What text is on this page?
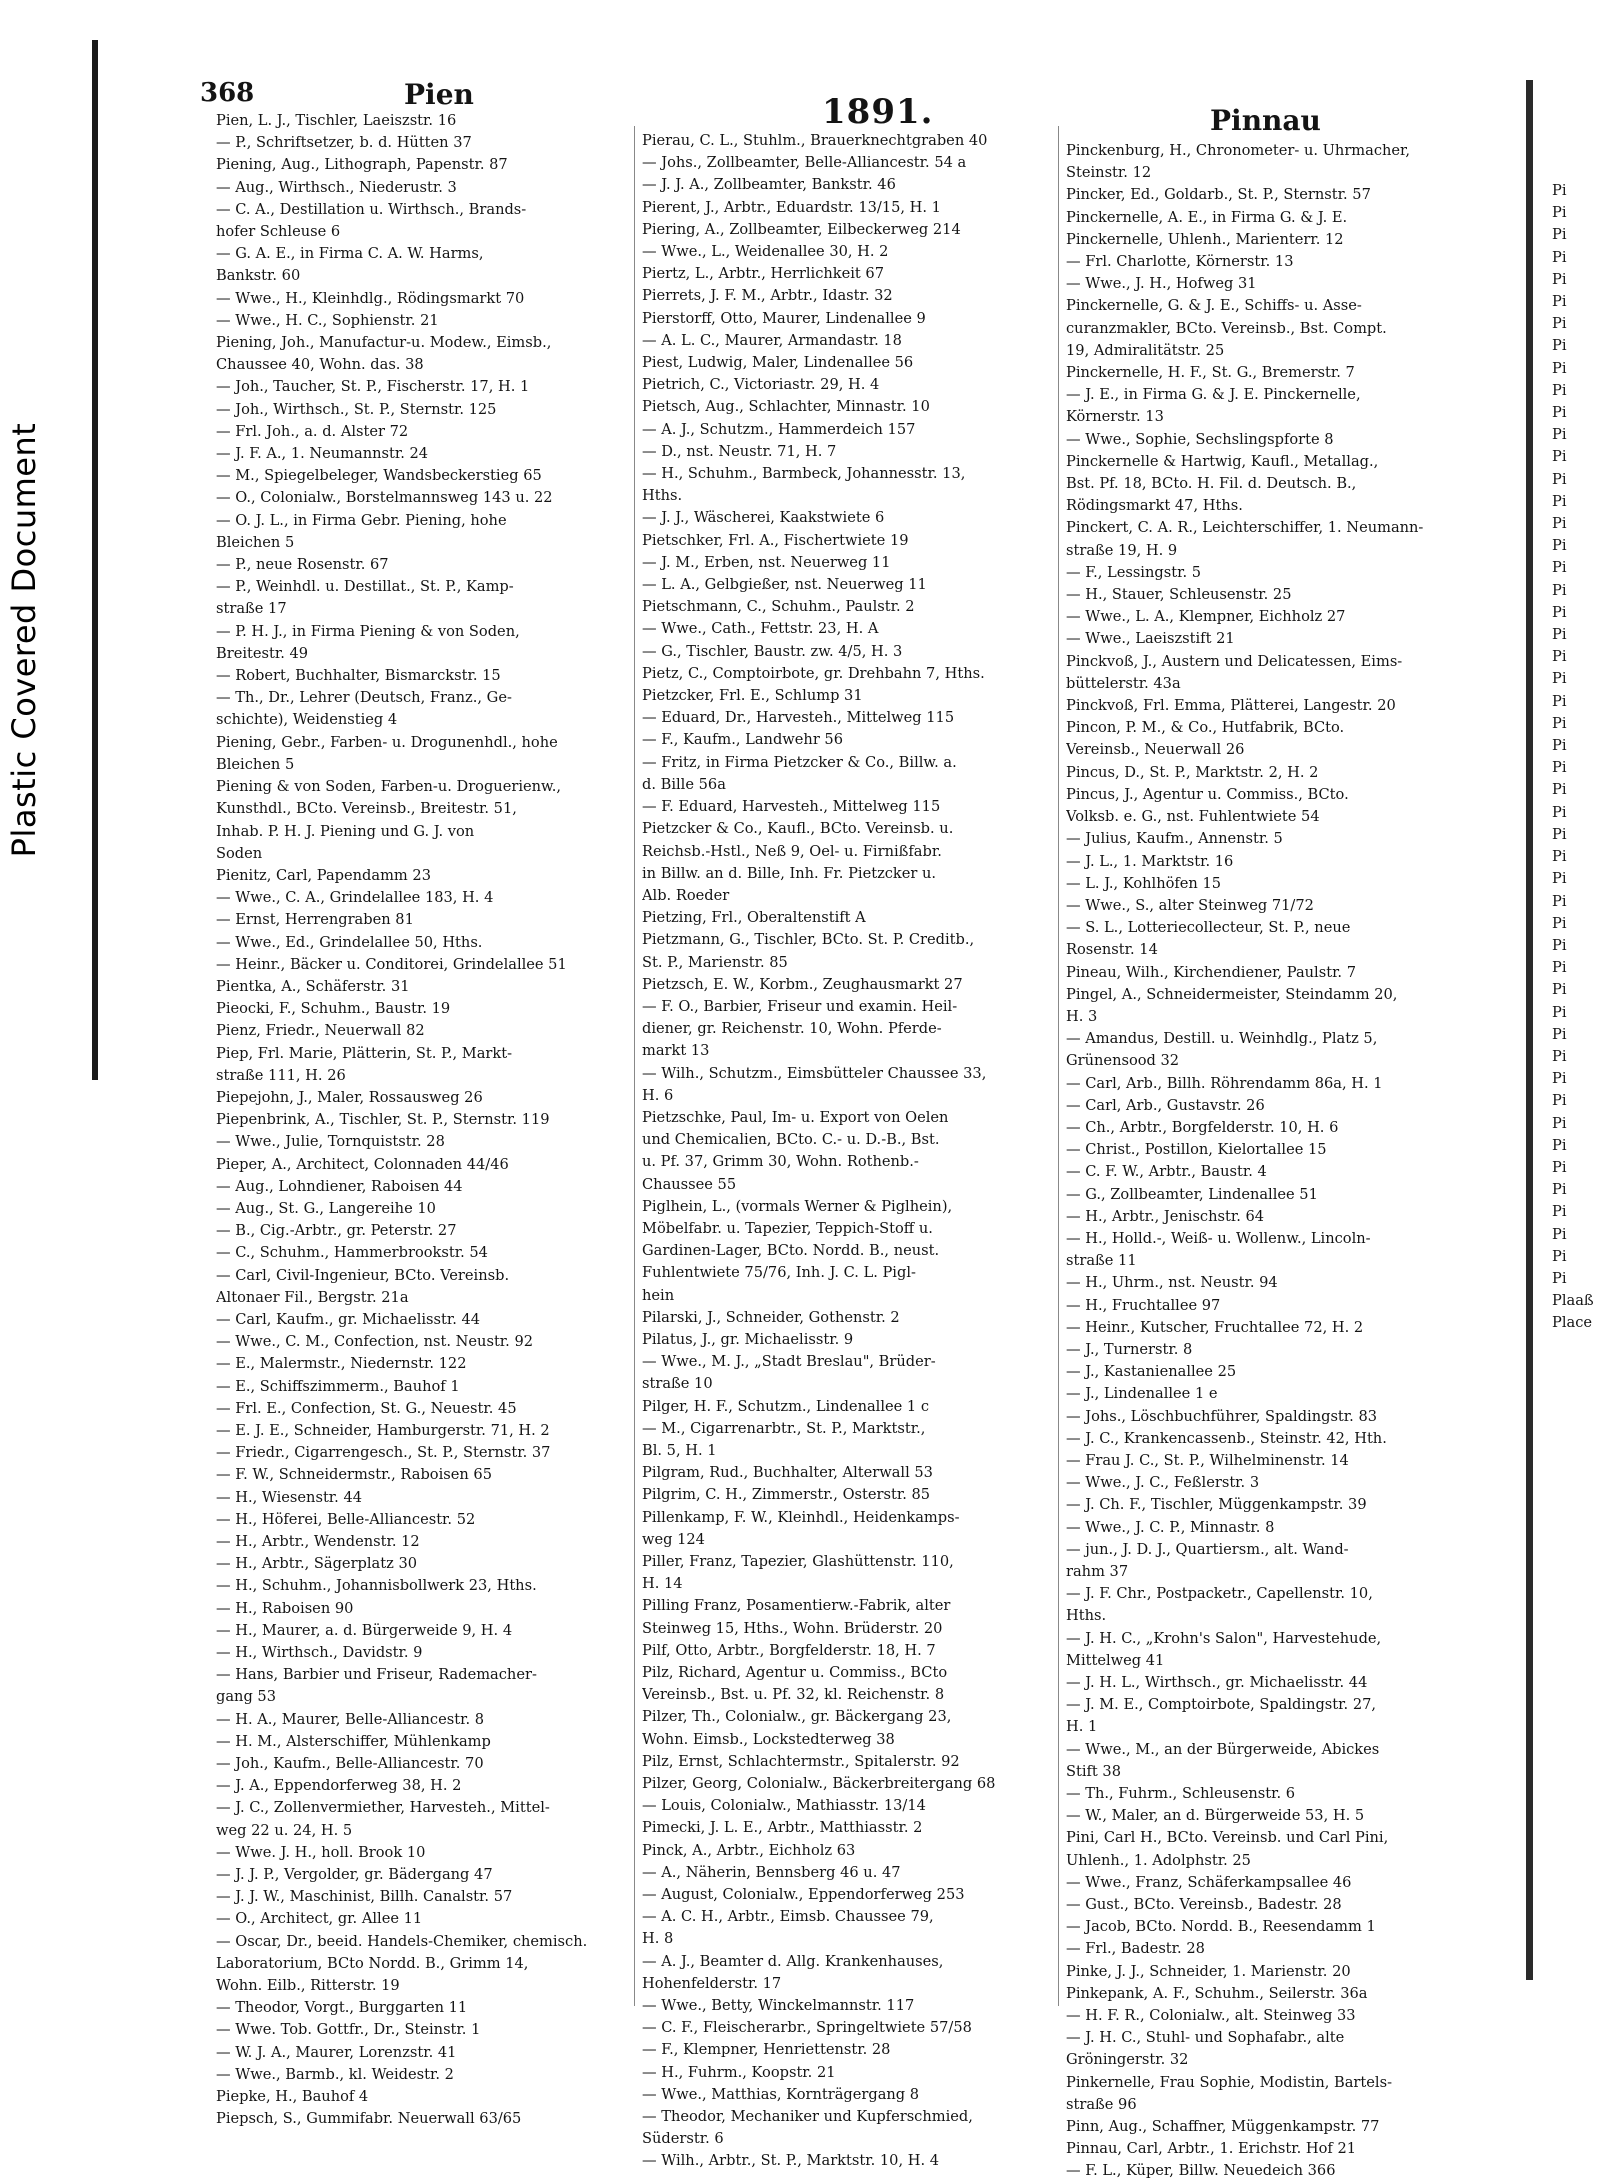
Plastic Covered Document
368	Pien	1891.	Pinnau
Pien, L. J., Tischler, Laeiszstr. 16
— P., Schriftsetzer, b. d. Hütten 37
Piening, Aug., Lithograph, Papenstr. 87
— Aug., Wirthsch., Niederustr. 3
— C. A., Destillation u. Wirthsch., Brands-
hofer Schleuse 6
— G. A. E., in Firma C. A. W. Harms,
Bankstr. 60
— Wwe., H., Kleinhdlg., Rödingsmarkt 70
— Wwe., H. C., Sophienstr. 21
Piening, Joh., Manufactur-u. Modew., Eimsb.,
Chaussee 40, Wohn. das. 38
— Joh., Taucher, St. P., Fischerstr. 17, H. 1
— Joh., Wirthsch., St. P., Sternstr. 125
— Frl. Joh., a. d. Alster 72
— J. F. A., 1. Neumannstr. 24
— M., Spiegelbeleger, Wandsbeckerstieg 65
— O., Colonialw., Borstelmannsweg 143 u. 22
— O. J. L., in Firma Gebr. Piening, hohe
Bleichen 5
— P., neue Rosenstr. 67
— P., Weinhdl. u. Destillat., St. P., Kamp-
straße 17
— P. H. J., in Firma Piening & von Soden,
Breitestr. 49
— Robert, Buchhalter, Bismarckstr. 15
— Th., Dr., Lehrer (Deutsch, Franz., Ge-
schichte), Weidenstieg 4
Piening, Gebr., Farben- u. Drogunenhdl., hohe
Bleichen 5
Piening & von Soden, Farben-u. Droguerienw.,
Kunsthdl., BCto. Vereinsb., Breitestr. 51,
Inhab. P. H. J. Piening und G. J. von
Soden
Pienitz, Carl, Papendamm 23
— Wwe., C. A., Grindelallee 183, H. 4
— Ernst, Herrengraben 81
— Wwe., Ed., Grindelallee 50, Hths.
— Heinr., Bäcker u. Conditorei, Grindelallee 51
Pientka, A., Schäferstr. 31
Pieocki, F., Schuhm., Baustr. 19
Pienz, Friedr., Neuerwall 82
Piep, Frl. Marie, Plätterin, St. P., Markt-
straße 111, H. 26
Piepejohn, J., Maler, Rossausweg 26
Piepenbrink, A., Tischler, St. P., Sternstr. 119
— Wwe., Julie, Tornquiststr. 28
Pieper, A., Architect, Colonnaden 44/46
— Aug., Lohndiener, Raboisen 44
— Aug., St. G., Langereihe 10
— B., Cig.-Arbtr., gr. Peterstr. 27
— C., Schuhm., Hammerbrookstr. 54
— Carl, Civil-Ingenieur, BCto. Vereinsb.
Altonaer Fil., Bergstr. 21a
— Carl, Kaufm., gr. Michaelisstr. 44
— Wwe., C. M., Confection, nst. Neustr. 92
— E., Malermstr., Niedernstr. 122
— E., Schiffszimmerm., Bauhof 1
— Frl. E., Confection, St. G., Neuestr. 45
— E. J. E., Schneider, Hamburgerstr. 71, H. 2
— Friedr., Cigarrengesch., St. P., Sternstr. 37
— F. W., Schneidermstr., Raboisen 65
— H., Wiesenstr. 44
— H., Höferei, Belle-Alliancestr. 52
— H., Arbtr., Wendenstr. 12
— H., Arbtr., Sägerplatz 30
— H., Schuhm., Johannisbollwerk 23, Hths.
— H., Raboisen 90
— H., Maurer, a. d. Bürgerweide 9, H. 4
— H., Wirthsch., Davidstr. 9
— Hans, Barbier und Friseur, Rademacher-
gang 53
— H. A., Maurer, Belle-Alliancestr. 8
— H. M., Alsterschiffer, Mühlenkamp
— Joh., Kaufm., Belle-Alliancestr. 70
— J. A., Eppendorferweg 38, H. 2
— J. C., Zollenvermiether, Harvesteh., Mittel-
weg 22 u. 24, H. 5
— Wwe. J. H., holl. Brook 10
— J. J. P., Vergolder, gr. Bädergang 47
— J. J. W., Maschinist, Billh. Canalstr. 57
— O., Architect, gr. Allee 11
— Oscar, Dr., beeid. Handels-Chemiker, chemisch.
Laboratorium, BCto Nordd. B., Grimm 14,
Wohn. Eilb., Ritterstr. 19
— Theodor, Vorgt., Burggarten 11
— Wwe. Tob. Gottfr., Dr., Steinstr. 1
— W. J. A., Maurer, Lorenzstr. 41
— Wwe., Barmb., kl. Weidestr. 2
Piepke, H., Bauhof 4
Piepsch, S., Gummifabr. Neuerwall 63/65
Pierau, C. L., Stuhlm., Brauerknechtgraben 40
— Johs., Zollbeamter, Belle-Alliancestr. 54 a
— J. J. A., Zollbeamter, Bankstr. 46
Pierent, J., Arbtr., Eduardstr. 13/15, H. 1
Piering, A., Zollbeamter, Eilbeckerweg 214
— Wwe., L., Weidenallee 30, H. 2
Piertz, L., Arbtr., Herrlichkeit 67
Pierrets, J. F. M., Arbtr., Idastr. 32
Pierstorff, Otto, Maurer, Lindenallee 9
— A. L. C., Maurer, Armandastr. 18
Piest, Ludwig, Maler, Lindenallee 56
Pietrich, C., Victoriastr. 29, H. 4
Pietsch, Aug., Schlachter, Minnastr. 10
— A. J., Schutzm., Hammerdeich 157
— D., nst. Neustr. 71, H. 7
— H., Schuhm., Barmbeck, Johannesstr. 13,
Hths.
— J. J., Wäscherei, Kaakstwiete 6
Pietschker, Frl. A., Fischertwiete 19
— J. M., Erben, nst. Neuerweg 11
— L. A., Gelbgießer, nst. Neuerweg 11
Pietschmann, C., Schuhm., Paulstr. 2
— Wwe., Cath., Fettstr. 23, H. A
— G., Tischler, Baustr. zw. 4/5, H. 3
Pietz, C., Comptoirbote, gr. Drehbahn 7, Hths.
Pietzcker, Frl. E., Schlump 31
— Eduard, Dr., Harvesteh., Mittelweg 115
— F., Kaufm., Landwehr 56
— Fritz, in Firma Pietzcker & Co., Billw. a.
d. Bille 56a
— F. Eduard, Harvesteh., Mittelweg 115
Pietzcker & Co., Kaufl., BCto. Vereinsb. u.
Reichsb.-Hstl., Neß 9, Oel- u. Firnißfabr.
in Billw. an d. Bille, Inh. Fr. Pietzcker u.
Alb. Roeder
Pietzing, Frl., Oberaltenstift A
Pietzmann, G., Tischler, BCto. St. P. Creditb.,
St. P., Marienstr. 85
Pietzsch, E. W., Korbm., Zeughausmarkt 27
— F. O., Barbier, Friseur und examin. Heil-
diener, gr. Reichenstr. 10, Wohn. Pferde-
markt 13
— Wilh., Schutzm., Eimsbütteler Chaussee 33,
H. 6
Pietzschke, Paul, Im- u. Export von Oelen
und Chemicalien, BCto. C.- u. D.-B., Bst.
u. Pf. 37, Grimm 30, Wohn. Rothenb.-
Chaussee 55
Piglhein, L., (vormals Werner & Piglhein),
Möbelfabr. u. Tapezier, Teppich-Stoff u.
Gardinen-Lager, BCto. Nordd. B., neust.
Fuhlentwiete 75/76, Inh. J. C. L. Pigl-
hein
Pilarski, J., Schneider, Gothenstr. 2
Pilatus, J., gr. Michaelisstr. 9
— Wwe., M. J., „Stadt Breslau", Brüder-
straße 10
Pilger, H. F., Schutzm., Lindenallee 1 c
— M., Cigarrenarbtr., St. P., Marktstr.,
Bl. 5, H. 1
Pilgram, Rud., Buchhalter, Alterwall 53
Pilgrim, C. H., Zimmerstr., Osterstr. 85
Pillenkamp, F. W., Kleinhdl., Heidenkamps-
weg 124
Piller, Franz, Tapezier, Glashüttenstr. 110,
H. 14
Pilling Franz, Posamentierw.-Fabrik, alter
Steinweg 15, Hths., Wohn. Brüderstr. 20
Pilf, Otto, Arbtr., Borgfelderstr. 18, H. 7
Pilz, Richard, Agentur u. Commiss., BCto
Vereinsb., Bst. u. Pf. 32, kl. Reichenstr. 8
Pilzer, Th., Colonialw., gr. Bäckergang 23,
Wohn. Eimsb., Lockstedterweg 38
Pilz, Ernst, Schlachtermstr., Spitalerstr. 92
Pilzer, Georg, Colonialw., Bäckerbreitergang 68
— Louis, Colonialw., Mathiasstr. 13/14
Pimecki, J. L. E., Arbtr., Matthiasstr. 2
Pinck, A., Arbtr., Eichholz 63
— A., Näherin, Bennsberg 46 u. 47
— August, Colonialw., Eppendorferweg 253
— A. C. H., Arbtr., Eimsb. Chaussee 79,
H. 8
— A. J., Beamter d. Allg. Krankenhauses,
Hohenfelderstr. 17
— Wwe., Betty, Winckelmannstr. 117
— C. F., Fleischerarbr., Springeltwiete 57/58
— F., Klempner, Henriettenstr. 28
— H., Fuhrm., Koopstr. 21
— Wwe., Matthias, Kornträgergang 8
— Theodor, Mechaniker und Kupferschmied,
Süderstr. 6
— Wilh., Arbtr., St. P., Marktstr. 10, H. 4
Pinckenburg, H., Chronometer- u. Uhrmacher,
Steinstr. 12
Pincker, Ed., Goldarb., St. P., Sternstr. 57
Pinckernelle, A. E., in Firma G. & J. E.
Pinckernelle, Uhlenh., Marienterr. 12
— Frl. Charlotte, Körnerstr. 13
— Wwe., J. H., Hofweg 31
Pinckernelle, G. & J. E., Schiffs- u. Asse-
curanzmakler, BCto. Vereinsb., Bst. Compt.
19, Admiralitätstr. 25
Pinckernelle, H. F., St. G., Bremerstr. 7
— J. E., in Firma G. & J. E. Pinckernelle,
Körnerstr. 13
— Wwe., Sophie, Sechslingspforte 8
Pinckernelle & Hartwig, Kaufl., Metallag.,
Bst. Pf. 18, BCto. H. Fil. d. Deutsch. B.,
Rödingsmarkt 47, Hths.
Pinckert, C. A. R., Leichterschiffer, 1. Neumann-
straße 19, H. 9
— F., Lessingstr. 5
— H., Stauer, Schleusenstr. 25
— Wwe., L. A., Klempner, Eichholz 27
— Wwe., Laeiszstift 21
Pinckvoß, J., Austern und Delicatessen, Eims-
büttelerstr. 43a
Pinckvoß, Frl. Emma, Plätterei, Langestr. 20
Pincon, P. M., & Co., Hutfabrik, BCto.
Vereinsb., Neuerwall 26
Pincus, D., St. P., Marktstr. 2, H. 2
Pincus, J., Agentur u. Commiss., BCto.
Volksb. e. G., nst. Fuhlentwiete 54
— Julius, Kaufm., Annenstr. 5
— J. L., 1. Marktstr. 16
— L. J., Kohlhöfen 15
— Wwe., S., alter Steinweg 71/72
— S. L., Lotteriecollecteur, St. P., neue
Rosenstr. 14
Pineau, Wilh., Kirchendiener, Paulstr. 7
Pingel, A., Schneidermeister, Steindamm 20,
H. 3
— Amandus, Destill. u. Weinhdlg., Platz 5,
Grünensood 32
— Carl, Arb., Billh. Röhrendamm 86a, H. 1
— Carl, Arb., Gustavstr. 26
— Ch., Arbtr., Borgfelderstr. 10, H. 6
— Christ., Postillon, Kielortallee 15
— C. F. W., Arbtr., Baustr. 4
— G., Zollbeamter, Lindenallee 51
— H., Arbtr., Jenischstr. 64
— H., Holld.-, Weiß- u. Wollenw., Lincoln-
straße 11
— H., Uhrm., nst. Neustr. 94
— H., Fruchtallee 97
— Heinr., Kutscher, Fruchtallee 72, H. 2
— J., Turnerstr. 8
— J., Kastanienallee 25
— J., Lindenallee 1 e
— Johs., Löschbuchführer, Spaldingstr. 83
— J. C., Krankencassenb., Steinstr. 42, Hth.
— Frau J. C., St. P., Wilhelminenstr. 14
— Wwe., J. C., Feßlerstr. 3
— J. Ch. F., Tischler, Müggenkampstr. 39
— Wwe., J. C. P., Minnastr. 8
— jun., J. D. J., Quartiersm., alt. Wand-
rahm 37
— J. F. Chr., Postpacketr., Capellenstr. 10,
Hths.
— J. H. C., „Krohn's Salon", Harvestehude,
Mittelweg 41
— J. H. L., Wirthsch., gr. Michaelisstr. 44
— J. M. E., Comptoirbote, Spaldingstr. 27,
H. 1
— Wwe., M., an der Bürgerweide, Abickes
Stift 38
— Th., Fuhrm., Schleusenstr. 6
— W., Maler, an d. Bürgerweide 53, H. 5
Pini, Carl H., BCto. Vereinsb. und Carl Pini,
Uhlenh., 1. Adolphstr. 25
— Wwe., Franz, Schäferkampsallee 46
— Gust., BCto. Vereinsb., Badestr. 28
— Jacob, BCto. Nordd. B., Reesendamm 1
— Frl., Badestr. 28
Pinke, J. J., Schneider, 1. Marienstr. 20
Pinkepank, A. F., Schuhm., Seilerstr. 36a
— H. F. R., Colonialw., alt. Steinweg 33
— J. H. C., Stuhl- und Sophafabr., alte
Gröningerstr. 32
Pinkernelle, Frau Sophie, Modistin, Bartels-
straße 96
Pinn, Aug., Schaffner, Müggenkampstr. 77
Pinnau, Carl, Arbtr., 1. Erichstr. Hof 21
— F. L., Küper, Billw. Neuedeich 366
Pi
Pi
Pi
Pi
Pi
Pi
Pi
Pi
Pi
Pi
Pi
Pi
Pi
Pi
Pi
Pi
Pi
Pi
Pi
Pi
Pi
Pi
Pi
Pi
Pi
Pi
Pi
Pi
Pi
Pi
Pi
Pi
Pi
Pi
Pi
Pi
Pi
Pi
Pi
Pi
Pi
Pi
Pi
Pi
Pi
Pi
Pi
Pi
Pi
Pi
Plaaß
Place
